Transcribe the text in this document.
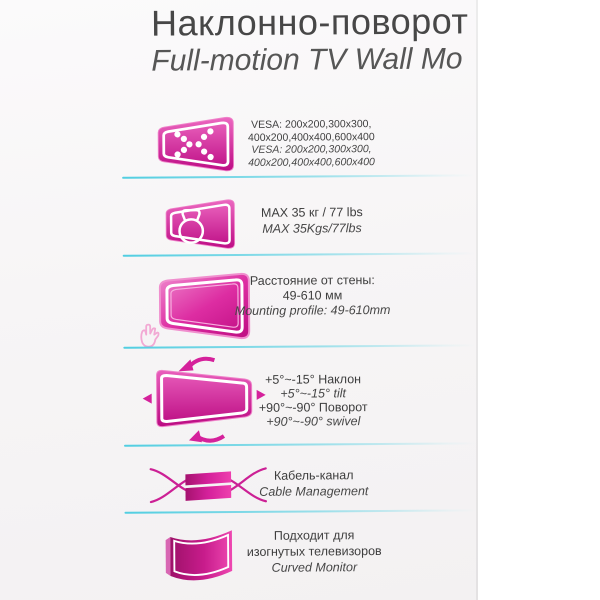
Наклонно-поворот
Full-motion TV Wall Mo
VESA: 200x200,300x300,
400x200,400x400,600x400
VESA: 200x200,300x300,
400x200,400x400,600x400
MAX 35 кг / 77 lbs
MAX 35Kgs/77lbs
Расстояние от стены:
49-610 мм
Mounting profile: 49-610mm
+5°~-15° Наклон
+5°~-15° tilt
+90°~-90° Поворот
+90°~-90° swivel
Кабель-канал
Cable Management
Подходит для
изогнутых телевизоров
Curved Monitor
